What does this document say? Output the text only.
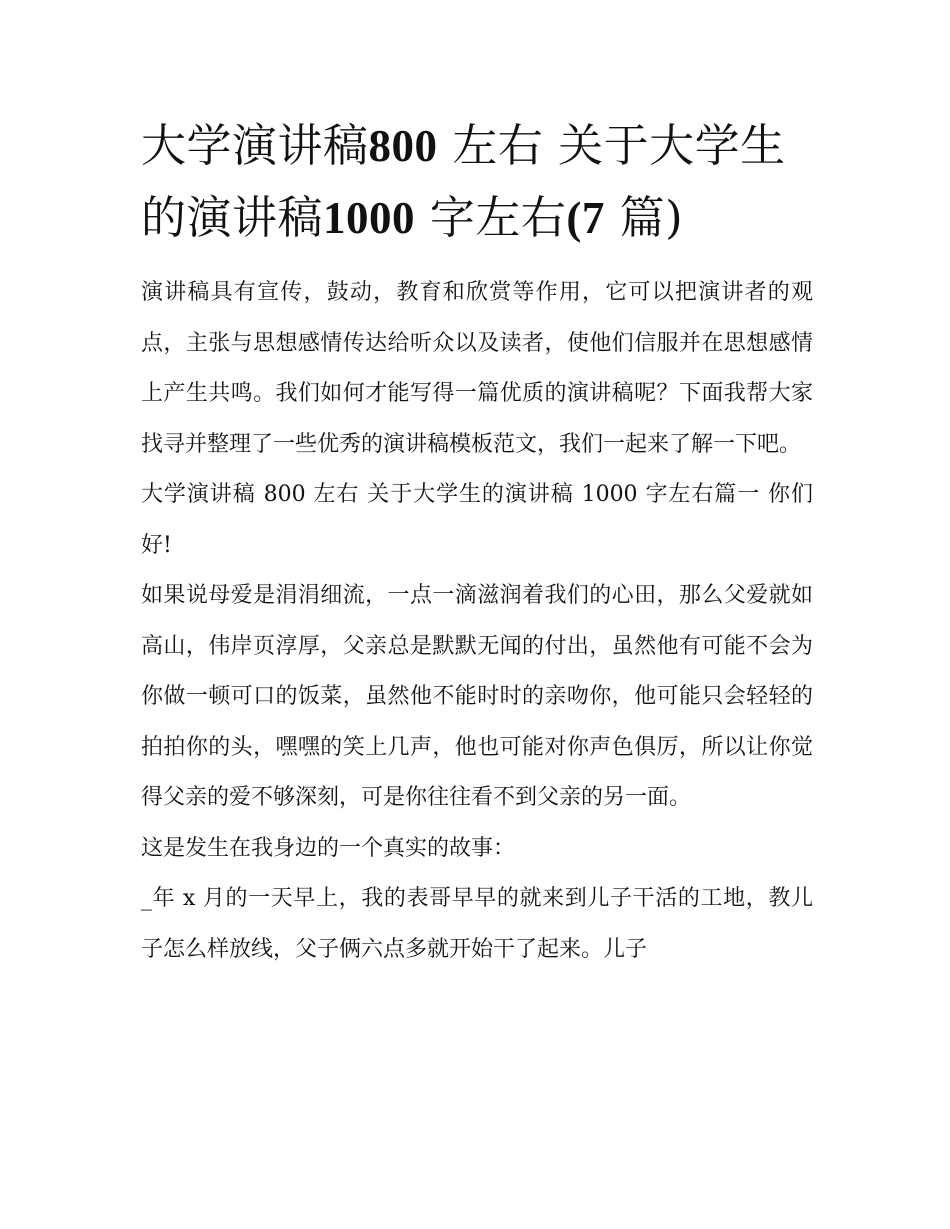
大学演讲稿800 左右 关于大学生的演讲稿1000 字左右(7 篇)

演讲稿具有宣传，鼓动，教育和欣赏等作用，它可以把演讲者的观点，主张与思想感情传达给听众以及读者，使他们信服并在思想感情上产生共鸣。我们如何才能写得一篇优质的演讲稿呢？下面我帮大家找寻并整理了一些优秀的演讲稿模板范文，我们一起来了解一下吧。

大学演讲稿 800 左右 关于大学生的演讲稿 1000 字左右篇一 你们好!

如果说母爱是涓涓细流，一点一滴滋润着我们的心田，那么父爱就如高山，伟岸页淳厚，父亲总是默默无闻的付出，虽然他有可能不会为你做一顿可口的饭菜，虽然他不能时时的亲吻你，他可能只会轻轻的拍拍你的头，嘿嘿的笑上几声，他也可能对你声色俱厉，所以让你觉得父亲的爱不够深刻，可是你往往看不到父亲的另一面。

这是发生在我身边的一个真实的故事：

_年 x 月的一天早上，我的表哥早早的就来到儿子干活的工地，教儿子怎么样放线，父子俩六点多就开始干了起来。儿子
